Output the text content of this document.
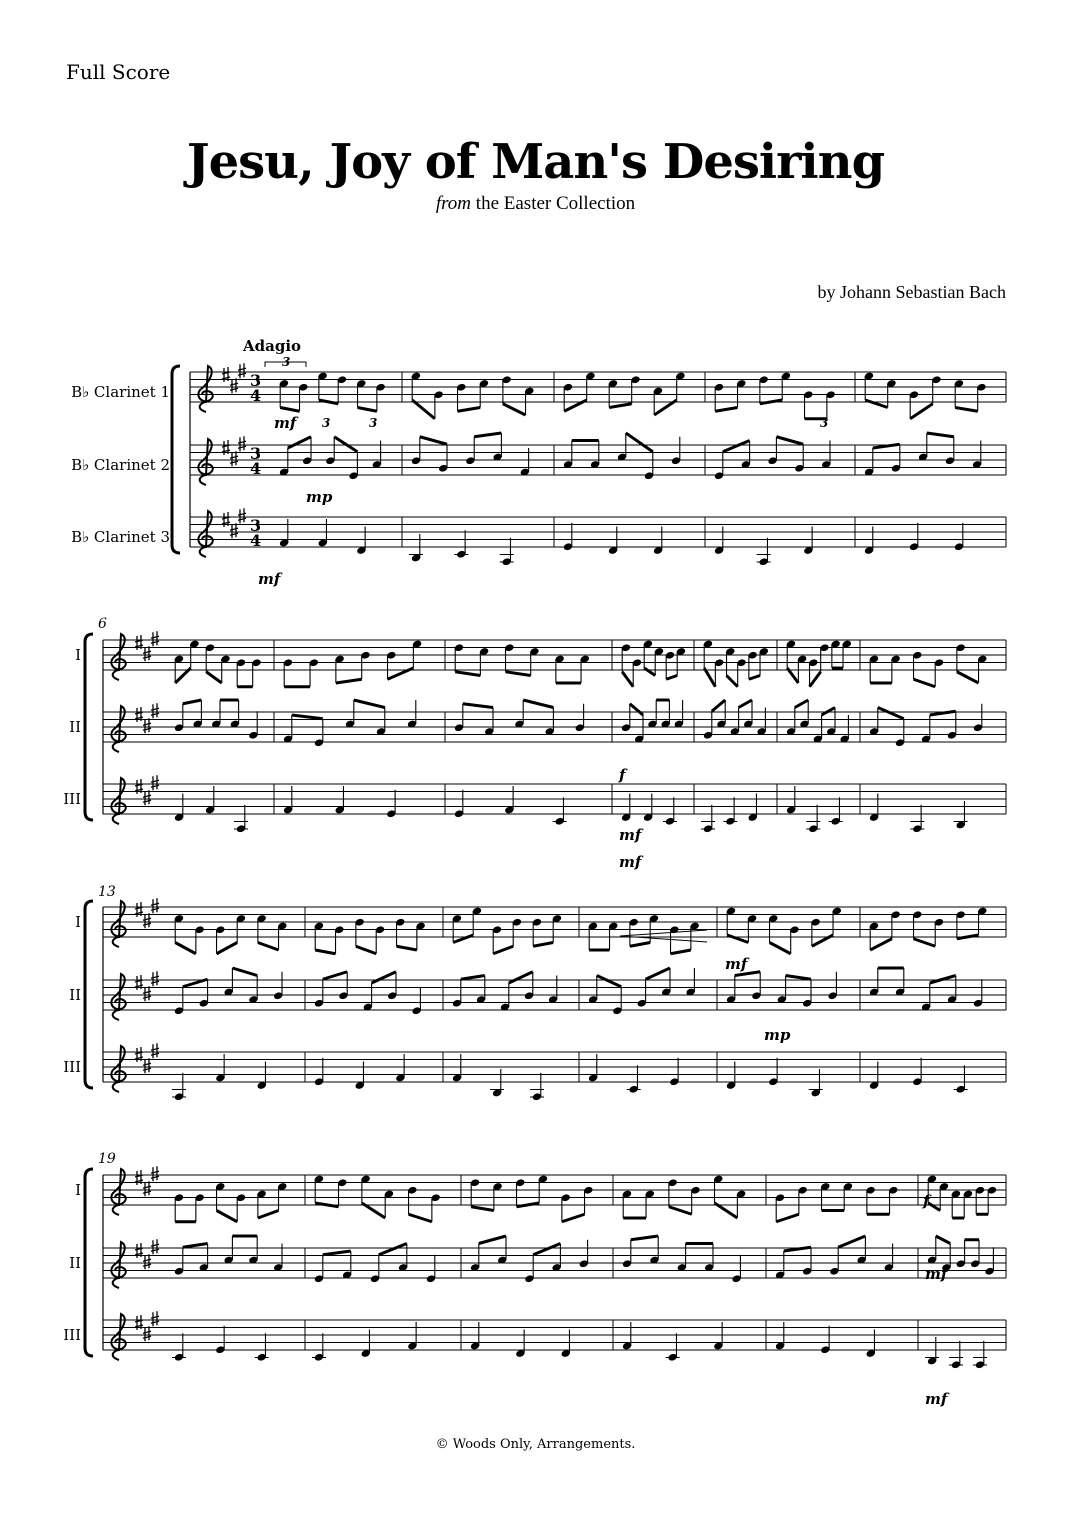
Full Score
Jesu, Joy of Man's Desiring
from the Easter Collection
by Johann Sebastian Bach
Adagio
B♭ Clarinet 1
B♭ Clarinet 2
B♭ Clarinet 3
6
13
19
3
4
3
4
3
4
mf
mp
mf
f
mf
mf
I
II
III
mf
mp
I
II
III
f
mf
mf
I
II
III
3	3	3
3
© Woods Only, Arrangements.
